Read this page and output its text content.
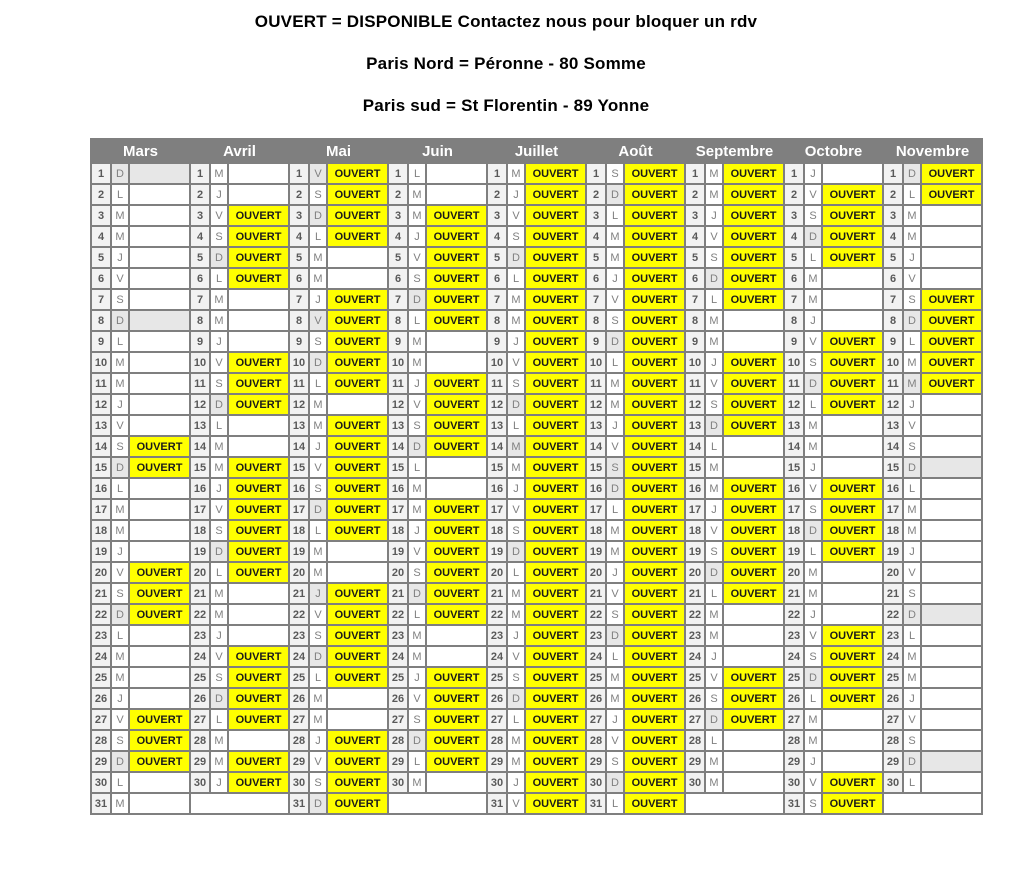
OUVERT = DISPONIBLE Contactez nous pour bloquer un rdv
Paris Nord = Péronne - 80 Somme
Paris sud = St Florentin - 89 Yonne
Mars			Avril			Mai			Juin			Juillet			Août			Septembre			Octobre			Novembre		
1	D		1	M		1	V	OUVERT	1	L		1	M	OUVERT	1	S	OUVERT	1	M	OUVERT	1	J		1	D	OUVERT
2	L		2	J		2	S	OUVERT	2	M		2	J	OUVERT	2	D	OUVERT	2	M	OUVERT	2	V	OUVERT	2	L	OUVERT
3	M		3	V	OUVERT	3	D	OUVERT	3	M	OUVERT	3	V	OUVERT	3	L	OUVERT	3	J	OUVERT	3	S	OUVERT	3	M	
4	M		4	S	OUVERT	4	L	OUVERT	4	J	OUVERT	4	S	OUVERT	4	M	OUVERT	4	V	OUVERT	4	D	OUVERT	4	M	
5	J		5	D	OUVERT	5	M		5	V	OUVERT	5	D	OUVERT	5	M	OUVERT	5	S	OUVERT	5	L	OUVERT	5	J	
6	V		6	L	OUVERT	6	M		6	S	OUVERT	6	L	OUVERT	6	J	OUVERT	6	D	OUVERT	6	M		6	V	
7	S		7	M		7	J	OUVERT	7	D	OUVERT	7	M	OUVERT	7	V	OUVERT	7	L	OUVERT	7	M		7	S	OUVERT
8	D		8	M		8	V	OUVERT	8	L	OUVERT	8	M	OUVERT	8	S	OUVERT	8	M		8	J		8	D	OUVERT
9	L		9	J		9	S	OUVERT	9	M		9	J	OUVERT	9	D	OUVERT	9	M		9	V	OUVERT	9	L	OUVERT
10	M		10	V	OUVERT	10	D	OUVERT	10	M		10	V	OUVERT	10	L	OUVERT	10	J	OUVERT	10	S	OUVERT	10	M	OUVERT
11	M		11	S	OUVERT	11	L	OUVERT	11	J	OUVERT	11	S	OUVERT	11	M	OUVERT	11	V	OUVERT	11	D	OUVERT	11	M	OUVERT
12	J		12	D	OUVERT	12	M		12	V	OUVERT	12	D	OUVERT	12	M	OUVERT	12	S	OUVERT	12	L	OUVERT	12	J	
13	V		13	L		13	M	OUVERT	13	S	OUVERT	13	L	OUVERT	13	J	OUVERT	13	D	OUVERT	13	M		13	V	
14	S	OUVERT	14	M		14	J	OUVERT	14	D	OUVERT	14	M	OUVERT	14	V	OUVERT	14	L		14	M		14	S	
15	D	OUVERT	15	M	OUVERT	15	V	OUVERT	15	L		15	M	OUVERT	15	S	OUVERT	15	M		15	J		15	D	
16	L		16	J	OUVERT	16	S	OUVERT	16	M		16	J	OUVERT	16	D	OUVERT	16	M	OUVERT	16	V	OUVERT	16	L	
17	M		17	V	OUVERT	17	D	OUVERT	17	M	OUVERT	17	V	OUVERT	17	L	OUVERT	17	J	OUVERT	17	S	OUVERT	17	M	
18	M		18	S	OUVERT	18	L	OUVERT	18	J	OUVERT	18	S	OUVERT	18	M	OUVERT	18	V	OUVERT	18	D	OUVERT	18	M	
19	J		19	D	OUVERT	19	M		19	V	OUVERT	19	D	OUVERT	19	M	OUVERT	19	S	OUVERT	19	L	OUVERT	19	J	
20	V	OUVERT	20	L	OUVERT	20	M		20	S	OUVERT	20	L	OUVERT	20	J	OUVERT	20	D	OUVERT	20	M		20	V	
21	S	OUVERT	21	M		21	J	OUVERT	21	D	OUVERT	21	M	OUVERT	21	V	OUVERT	21	L	OUVERT	21	M		21	S	
22	D	OUVERT	22	M		22	V	OUVERT	22	L	OUVERT	22	M	OUVERT	22	S	OUVERT	22	M		22	J		22	D	
23	L		23	J		23	S	OUVERT	23	M		23	J	OUVERT	23	D	OUVERT	23	M		23	V	OUVERT	23	L	
24	M		24	V	OUVERT	24	D	OUVERT	24	M		24	V	OUVERT	24	L	OUVERT	24	J		24	S	OUVERT	24	M	
25	M		25	S	OUVERT	25	L	OUVERT	25	J	OUVERT	25	S	OUVERT	25	M	OUVERT	25	V	OUVERT	25	D	OUVERT	25	M	
26	J		26	D	OUVERT	26	M		26	V	OUVERT	26	D	OUVERT	26	M	OUVERT	26	S	OUVERT	26	L	OUVERT	26	J	
27	V	OUVERT	27	L	OUVERT	27	M		27	S	OUVERT	27	L	OUVERT	27	J	OUVERT	27	D	OUVERT	27	M		27	V	
28	S	OUVERT	28	M		28	J	OUVERT	28	D	OUVERT	28	M	OUVERT	28	V	OUVERT	28	L		28	M		28	S	
29	D	OUVERT	29	M	OUVERT	29	V	OUVERT	29	L	OUVERT	29	M	OUVERT	29	S	OUVERT	29	M		29	J		29	D	
30	L		30	J	OUVERT	30	S	OUVERT	30	M		30	J	OUVERT	30	D	OUVERT	30	M		30	V	OUVERT	30	L	
31	M					31	D	OUVERT				31	V	OUVERT	31	L	OUVERT				31	S	OUVERT			
